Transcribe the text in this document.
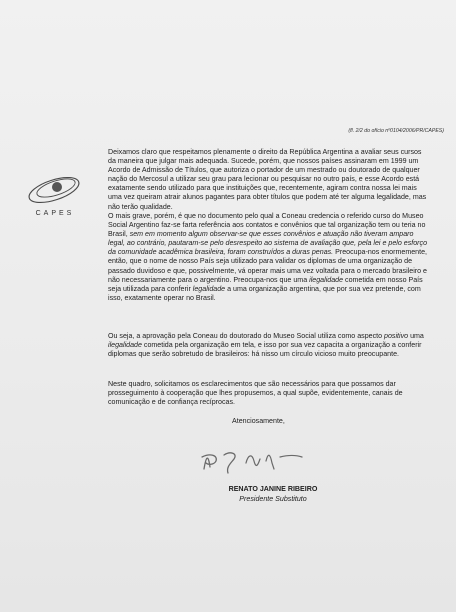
(fl. 2/2 do ofício nº0104/2006/PR/CAPES)
CAPES

Deixamos claro que respeitamos plenamente o direito da República Argentina a avaliar seus cursos da maneira que julgar mais adequada. Sucede, porém, que nossos países assinaram em 1999 um Acordo de Admissão de Títulos, que autoriza o portador de um mestrado ou doutorado de qualquer nação do Mercosul a utilizar seu grau para lecionar ou pesquisar no outro país, e esse Acordo está exatamente sendo utilizado para que instituições que, recentemente, agiram contra nossa lei mais uma vez queiram atrair alunos pagantes para obter títulos que podem até ter alguma legalidade, mas não terão qualidade.

O mais grave, porém, é que no documento pelo qual a Coneau credencia o referido curso do Museo Social Argentino faz-se farta referência aos contatos e convênios que tal organização tem ou teria no Brasil, sem em momento algum observar-se que esses convênios e atuação não tiveram amparo legal, ao contrário, pautaram-se pelo desrespeito ao sistema de avaliação que, pela lei e pelo esforço da comunidade acadêmica brasileira, foram construídos a duras penas. Preocupa-nos enormemente, então, que o nome de nosso País seja utilizado para validar os diplomas de uma organização de passado duvidoso e que, possivelmente, vá operar mais uma vez voltada para o mercado brasileiro e não necessariamente para o argentino. Preocupa-nos que uma ilegalidade cometida em nosso País seja utilizada para conferir legalidade a uma organização argentina, que por sua vez pretende, com isso, exatamente operar no Brasil.

Ou seja, a aprovação pela Coneau do doutorado do Museo Social utiliza como aspecto positivo uma ilegalidade cometida pela organização em tela, e isso por sua vez capacita a organização a conferir diplomas que serão sobretudo de brasileiros: há nisso um círculo vicioso muito preocupante.

Neste quadro, solicitamos os esclarecimentos que são necessários para que possamos dar prosseguimento à cooperação que lhes propusemos, a qual supõe, evidentemente, canais de comunicação e de confiança recíprocas.

Atenciosamente,
RENATO JANINE RIBEIRO
Presidente Substituto
